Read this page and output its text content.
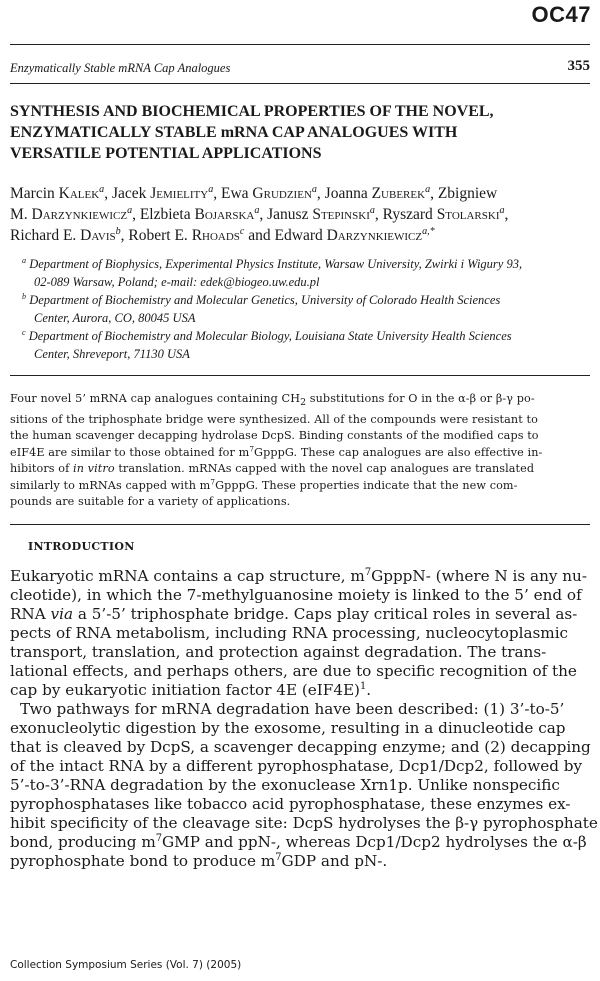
OC47
Enzymatically Stable mRNA Cap Analogues	355
SYNTHESIS AND BIOCHEMICAL PROPERTIES OF THE NOVEL,
ENZYMATICALLY STABLE mRNA CAP ANALOGUES WITH
VERSATILE POTENTIAL APPLICATIONS
Marcin Kalek$^a$, Jacek Jemielity$^a$, Ewa Grudzien$^a$, Joanna Zuberek$^a$, Zbigniew
M. Darzynkiewicz$^a$, Elzbieta Bojarska$^a$, Janusz Stepinski$^a$, Ryszard Stolarski$^a$,
Richard E. Davis$^b$, Robert E. Rhoads$^c$ and Edward Darzynkiewicz$^{a,*}$
$^a$ Department of Biophysics, Experimental Physics Institute, Warsaw University, Zwirki i Wigury 93,
02-089 Warsaw, Poland; e-mail: edek@biogeo.uw.edu.pl
$^b$ Department of Biochemistry and Molecular Genetics, University of Colorado Health Sciences
Center, Aurora, CO, 80045 USA
$^c$ Department of Biochemistry and Molecular Biology, Louisiana State University Health Sciences
Center, Shreveport, 71130 USA
Four novel 5’ mRNA cap analogues containing $CH_2$ substitutions for O in the α-β or β-γ po-
sitions of the triphosphate bridge were synthesized. All of the compounds were resistant to
the human scavenger decapping hydrolase DcpS. Binding constants of the modified caps to
eIF4E are similar to those obtained for $m^7GpppG$. These cap analogues are also effective in-
hibitors of in vitro translation. mRNAs capped with the novel cap analogues are translated
similarly to mRNAs capped with $m^7GpppG$. These properties indicate that the new com-
pounds are suitable for a variety of applications.
INTRODUCTION
Eukaryotic mRNA contains a cap structure, $m^7GpppN-$ (where N is any nu-
cleotide), in which the 7-methylguanosine moiety is linked to the 5’ end of
RNA via a 5’-5’ triphosphate bridge. Caps play critical roles in several as-
pects of RNA metabolism, including RNA processing, nucleocytoplasmic
transport, translation, and protection against degradation. The trans-
lational effects, and perhaps others, are due to specific recognition of the
cap by eukaryotic initiation factor 4E $(eIF4E)^1$.
Two pathways for mRNA degradation have been described: (1) 3’-to-5’
exonucleolytic digestion by the exosome, resulting in a dinucleotide cap
that is cleaved by DcpS, a scavenger decapping enzyme; and (2) decapping
of the intact RNA by a different pyrophosphatase, Dcp1/Dcp2, followed by
5’-to-3’-RNA degradation by the exonuclease Xrn1p. Unlike nonspecific
pyrophosphatases like tobacco acid pyrophosphatase, these enzymes ex-
hibit specificity of the cleavage site: DcpS hydrolyses the β-γ pyrophosphate
bond, producing $m^7GMP$ and ppN-, whereas Dcp1/Dcp2 hydrolyses the α-β
pyrophosphate bond to produce $m^7GDP$ and pN-.
Collection Symposium Series (Vol. 7) (2005)
